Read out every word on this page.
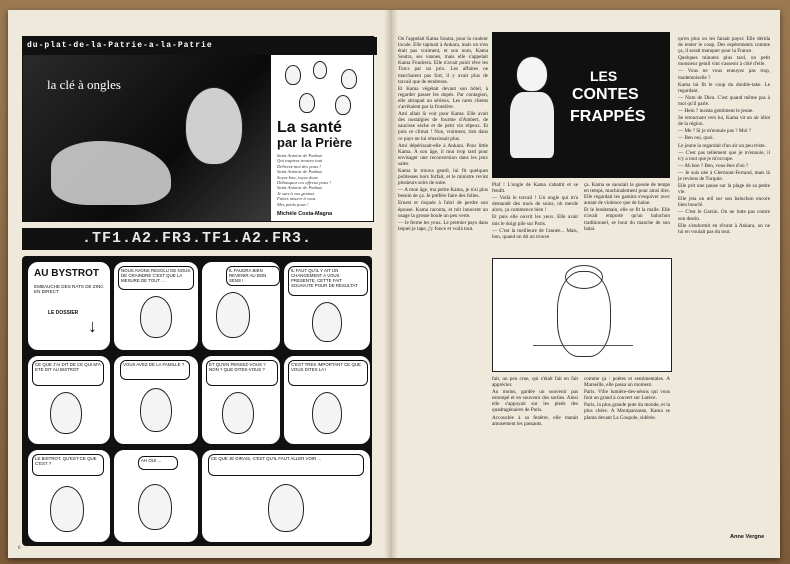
du-plat-de-la-Patrie-a-la-Patrie
la clé à ongles
La santé
par la Prière
Saint Antoine de Padoue
Qui inspirez trouvez tout
Délivrez-moi des poux !
Saint Antoine de Padoue
Soyez bon, soyez doux
Débusquez ces affreux poux !
Saint Antoine de Padoue
Je suis à vos genoux
Faites mourir à vous
Mes petits poux !
Michèle Costa-Magna
.TF1.A2.FR3.TF1.A2.FR3.
AU BYSTROT
EMBAUCHE DES RATS DE ZINC EN DIRECT
LE DOSSIER
↓
NOUS AVONS RESOLU DE NOUS DE CRAINDRE C'EST QUE LA MESURE DE TOUT ...
IL FAUDRA BIEN REVENIR AU BON SENS !
IL FAUT QU'IL Y AIT UN CHANGEMENT A VOUS PRESENTE, CETTE FAIT SOUHAITE POUR DE RESULTAT
CE QUE J'AI DIT DE CE QUI M'A ETE DIT AU BISTROT
VOUS AVEZ DE LA FAMILLE ?	ET QU'EN PENSEZ-VOUS ? NON ? QUE DITES-VOUS ?
C'EST TRES IMPORTANT CE QUE VOUS DITES LA !
LE BISTROT, QU'EST-CE QUE C'EST ?
AH OUI ...	CE QUE JE DIRAIS, C'EST QU'IL FAUT ALLER VOIR ...
6

On l'appelait Kama Soutra, pour la couleur locale. Elle tapinait à Ankara, mais on n'en était pas vraiment, et son nom, Kama Soutra, ses vannes, mais elle s'appelait Kama Foudrera. Elle n'avait point rêve les Turcs par un prix. Les affaires ne marchaient pas fort, il y avait plus de travail que de tendresse.

Et Kama végétait devant son hôtel, à regarder passer les dopés. Par contagion, elle attrapait un sérieux. Les rares clients s'arrêtaient par la frontière.

Ami allait là voir pour Kama. Elle avait des nostalgies de fourme d'Ambert, de saucisse sèche et de petit vin rêpeux. Et puis ce climat ! Non, vraiment, rien dans ce pays ne lui réussissait plus.

Ami dépérissait-elle à Ankara. Pour little Kama. A son âge, il mui trop tard pour envisager une reconversion dans les jeux sales.

Kama le trouva gentil, lui fit quelques politesses hors forfait, et le ministre revint plusieurs soirs de suite.

— A mon âge, ma petite Kama, je n'ai plus besoin de ça. Je préfère faire des folies.

Ernest et risquée à l'abri de perdre son épouse. Kama raconta, et mit innocent un usage la grosse boule un peu verte.

— Je ferme les yeux. Le premier pays dans lequel je tape, j'y fonce et voilà tout.

LES
CONTES
FRAPPÉS

Plaf ! L'ongle de Kama s'abattit et se fendit.

— Voilà le travail ! Un ongle qui m'a demandé des mois de soins, oh merde alors, ça commence bien !

Et puis elle ouvrit les yeux. Elle avait mis le doigt pile sur Paris.

— C'est la meilleure de l'année... Mais, bon, quand on dit on trouve

ça. Kama se saoulait la gueule de temps en temps, machinalement pour ainsi dire. Elle regardait les gamins s'esquiver avec autant de violence que de haine.

Et le lendemain, elle se fit la malle. Elle n'avait emporté qu'un baluchon traditionnel, se bout du manche de son balai.

fait, un peu crue, qui s'était fait en fait apprécier.

Au moins, gardée un souvenir pas estompé et en souvenir des sorties. Ainsi elle s'appuyait sur les pieds des quadragénaires de Paris.

Accouclée à sa fenêtre, elle matait amusement les passants.

comme ça : poètes et sentimentales. A Marseille, elle passa un moment.

Paris. Ville lumière-des-néons qui vous font un grand à couvert sur Lutèce.

Paris, la plus grande pute du monde, et la plus chère. A Montparnasse, Kama se planta devant La Coupole, sidérée.

qu'en plus on les faisait payer. Elle dérida de tenter le coup. Des espèrements comme ça, il serait manquer pour la France.

Quelques minutes plus tard, un petit monsieur gentil vint s'asseoir à côté d'elle.

— Vous ne vous ennuyez pas trop, mademoiselle ?

Kama lui fit le coup du double-take. Le regardant.

— Nom de Dieu. C'est quand même pas à moi qu'il parle.

— Hein ? insista gentiment le jeune.

Se retournant vers lui, Kama vit un air idiot de la région.

— Me ? Si je m'ennuie pas ? Moi ?

— Ben oui, quoi.

Le jeune la regardait d'un air un peu triste.

— C'est pas tellement que je m'ennuie, il n'y a tout que je m'occupe.

— Ah bon ? Ben, vous êtes d'où ?

— Je suis née à Clermont-Ferrand, mais là je reviens de Turquie.

Elle prit une pause sur la plage de sa petite vie.

Elle jeta un œil sur son baluchon encore bien bouclé.

— C'est le Garsin. On ne lutte pas contre son destin.

Elle s'endormit en rêvant à Ankara, on ne lui en voulait pas du tout.

Anne Vergne
